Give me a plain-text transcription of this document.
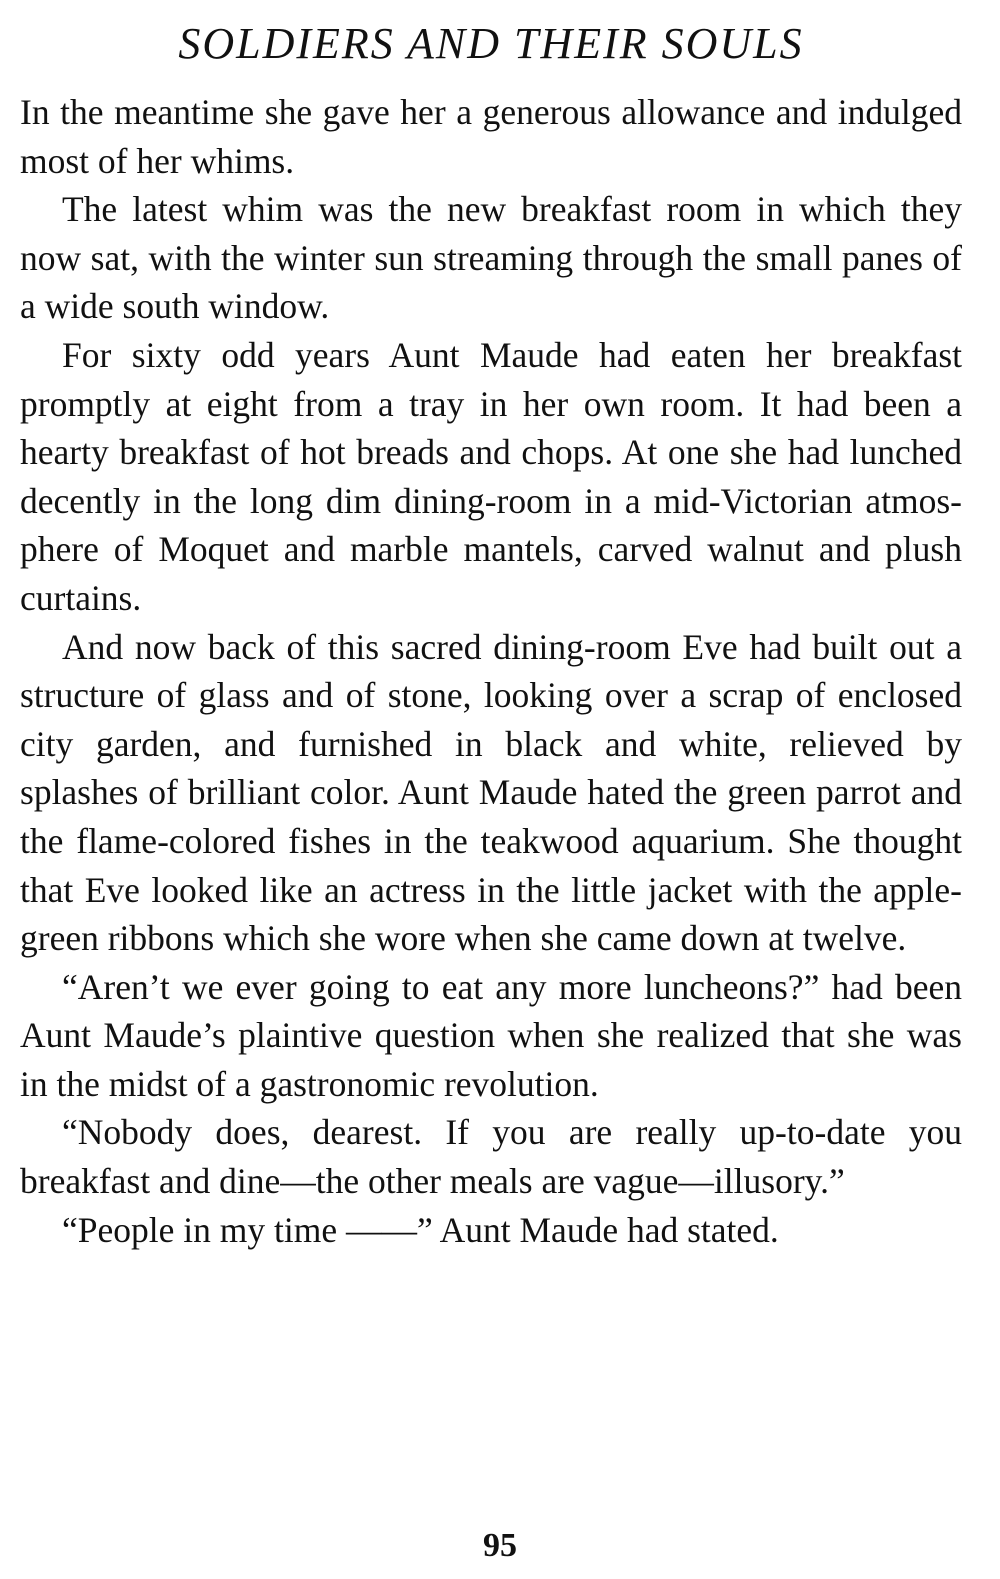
SOLDIERS AND THEIR SOULS

In the meantime she gave her a generous allowance and indulged most of her whims.

The latest whim was the new breakfast room in which they now sat, with the winter sun streaming through the small panes of a wide south window.

For sixty odd years Aunt Maude had eaten her breakfast promptly at eight from a tray in her own room. It had been a hearty breakfast of hot breads and chops. At one she had lunched decently in the long dim dining-room in a mid-Victorian atmosphere of Moquet and marble mantels, carved walnut and plush curtains.

And now back of this sacred dining-room Eve had built out a structure of glass and of stone, looking over a scrap of enclosed city garden, and furnished in black and white, relieved by splashes of brilliant color. Aunt Maude hated the green parrot and the flame-colored fishes in the teakwood aquarium. She thought that Eve looked like an actress in the little jacket with the apple-green ribbons which she wore when she came down at twelve.

“Aren’t we ever going to eat any more luncheons?” had been Aunt Maude’s plaintive question when she realized that she was in the midst of a gastronomic revolution.

“Nobody does, dearest. If you are really up-to-date you breakfast and dine—the other meals are vague—illusory.”

“People in my time ——” Aunt Maude had stated.

95
